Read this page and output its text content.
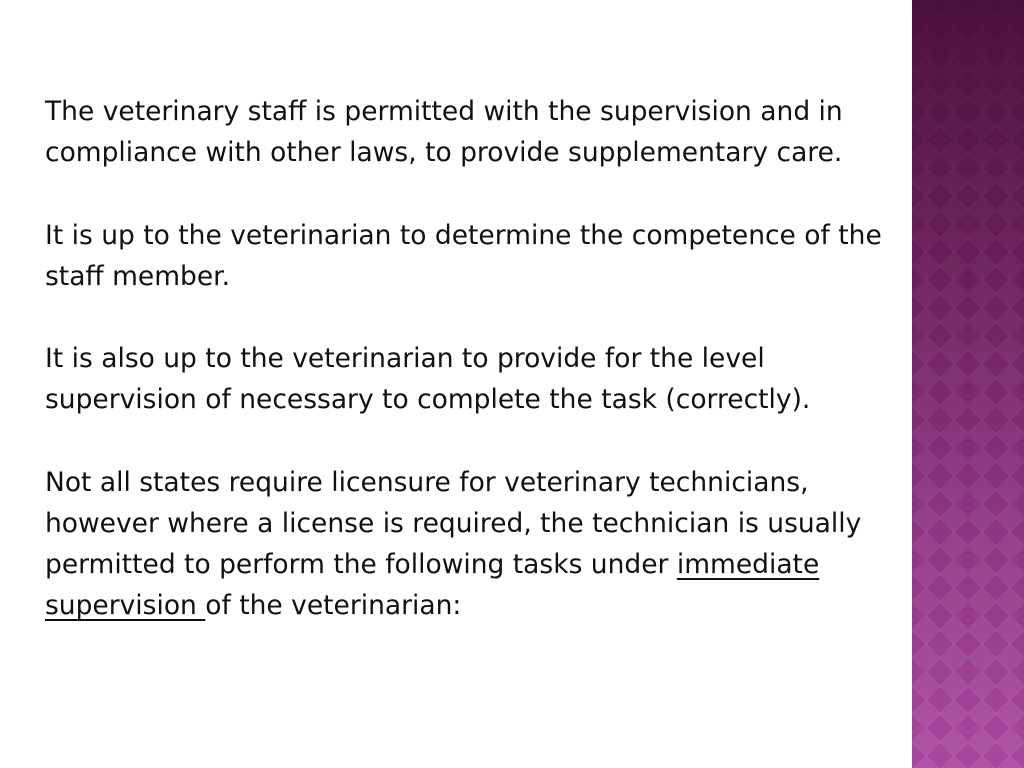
The veterinary staff is permitted with the supervision and in compliance with other laws, to provide supplementary care.

It is up to the veterinarian to determine the competence of the staff member.

It is also up to the veterinarian to provide for the level supervision of necessary to complete the task (correctly).

Not all states require licensure for veterinary technicians, however where a license is required, the technician is usually permitted to perform the following tasks under immediate supervision of the veterinarian:
